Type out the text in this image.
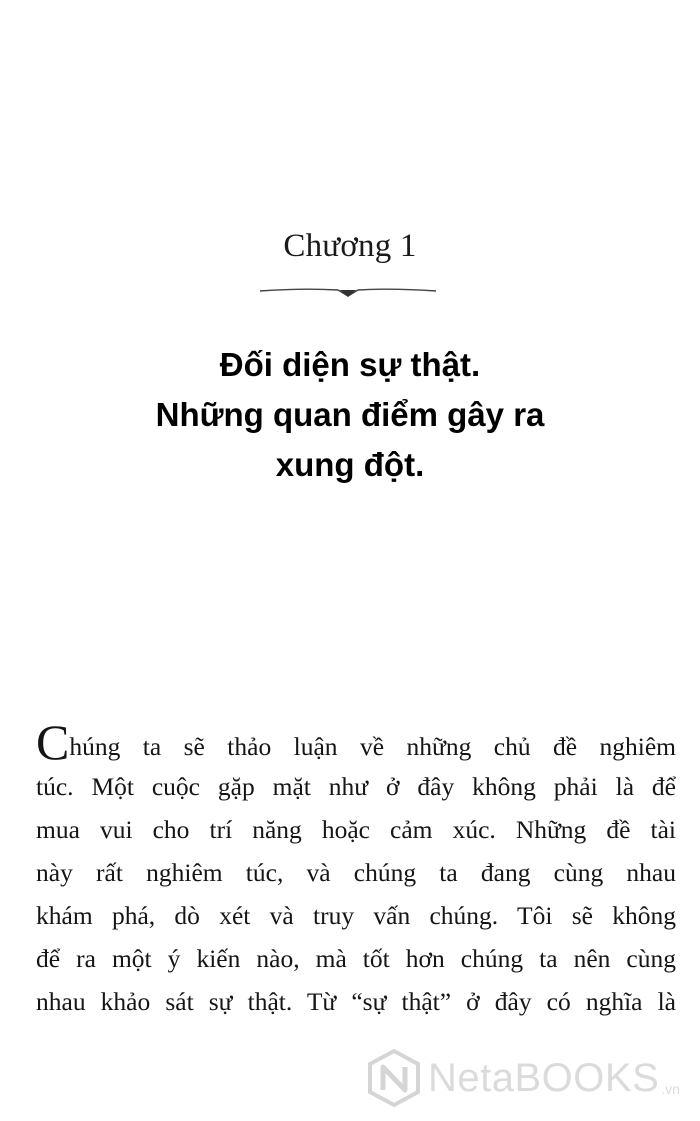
Chương 1
Đối diện sự thật.
Những quan điểm gây ra
xung đột.
Chúng ta sẽ thảo luận về những chủ đề nghiêm
túc. Một cuộc gặp mặt như ở đây không phải là để
mua vui cho trí năng hoặc cảm xúc. Những đề tài
này rất nghiêm túc, và chúng ta đang cùng nhau
khám phá, dò xét và truy vấn chúng. Tôi sẽ không
để ra một ý kiến nào, mà tốt hơn chúng ta nên cùng
nhau khảo sát sự thật. Từ “sự thật” ở đây có nghĩa là
NetaBOOKS .vn
